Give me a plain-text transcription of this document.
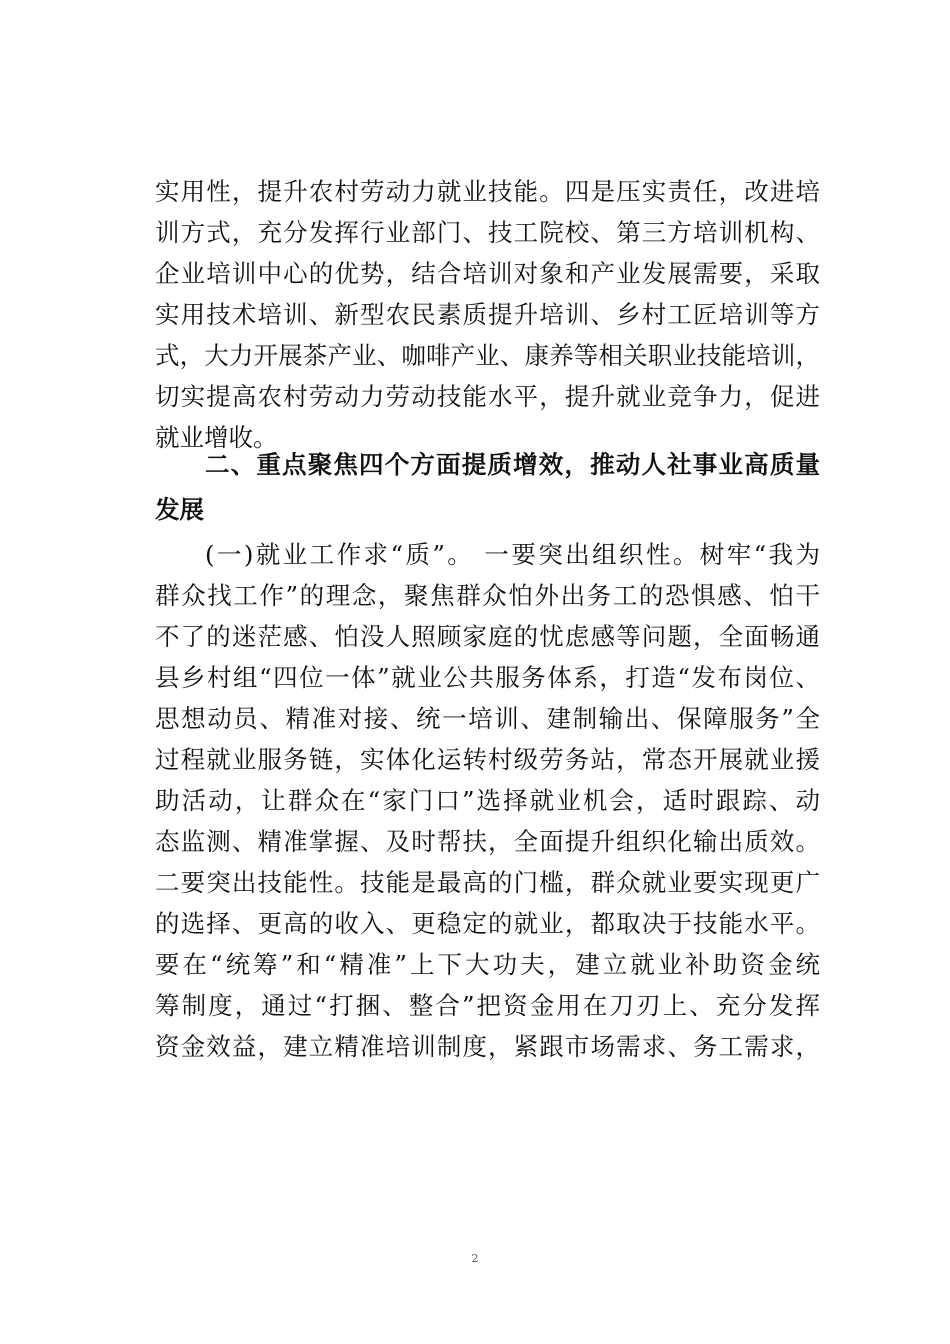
实用性，提升农村劳动力就业技能。四是压实责任，改进培
训方式，充分发挥行业部门、技工院校、第三方培训机构、
企业培训中心的优势，结合培训对象和产业发展需要，采取
实用技术培训、新型农民素质提升培训、乡村工匠培训等方
式，大力开展茶产业、咖啡产业、康养等相关职业技能培训，
切实提高农村劳动力劳动技能水平，提升就业竞争力，促进
就业增收。
二、重点聚焦四个方面提质增效，推动人社事业高质量
发展
(一)就业工作求“质”。 一要突出组织性。树牢“我为
群众找工作”的理念，聚焦群众怕外出务工的恐惧感、怕干
不了的迷茫感、怕没人照顾家庭的忧虑感等问题，全面畅通
县乡村组“四位一体”就业公共服务体系，打造“发布岗位、
思想动员、精准对接、统一培训、建制输出、保障服务”全
过程就业服务链，实体化运转村级劳务站，常态开展就业援
助活动，让群众在“家门口”选择就业机会，适时跟踪、动
态监测、精准掌握、及时帮扶，全面提升组织化输出质效。
二要突出技能性。技能是最高的门槛，群众就业要实现更广
的选择、更高的收入、更稳定的就业，都取决于技能水平。
要在“统筹”和“精准”上下大功夫，建立就业补助资金统
筹制度，通过“打捆、整合”把资金用在刀刃上、充分发挥
资金效益，建立精准培训制度，紧跟市场需求、务工需求，
2
